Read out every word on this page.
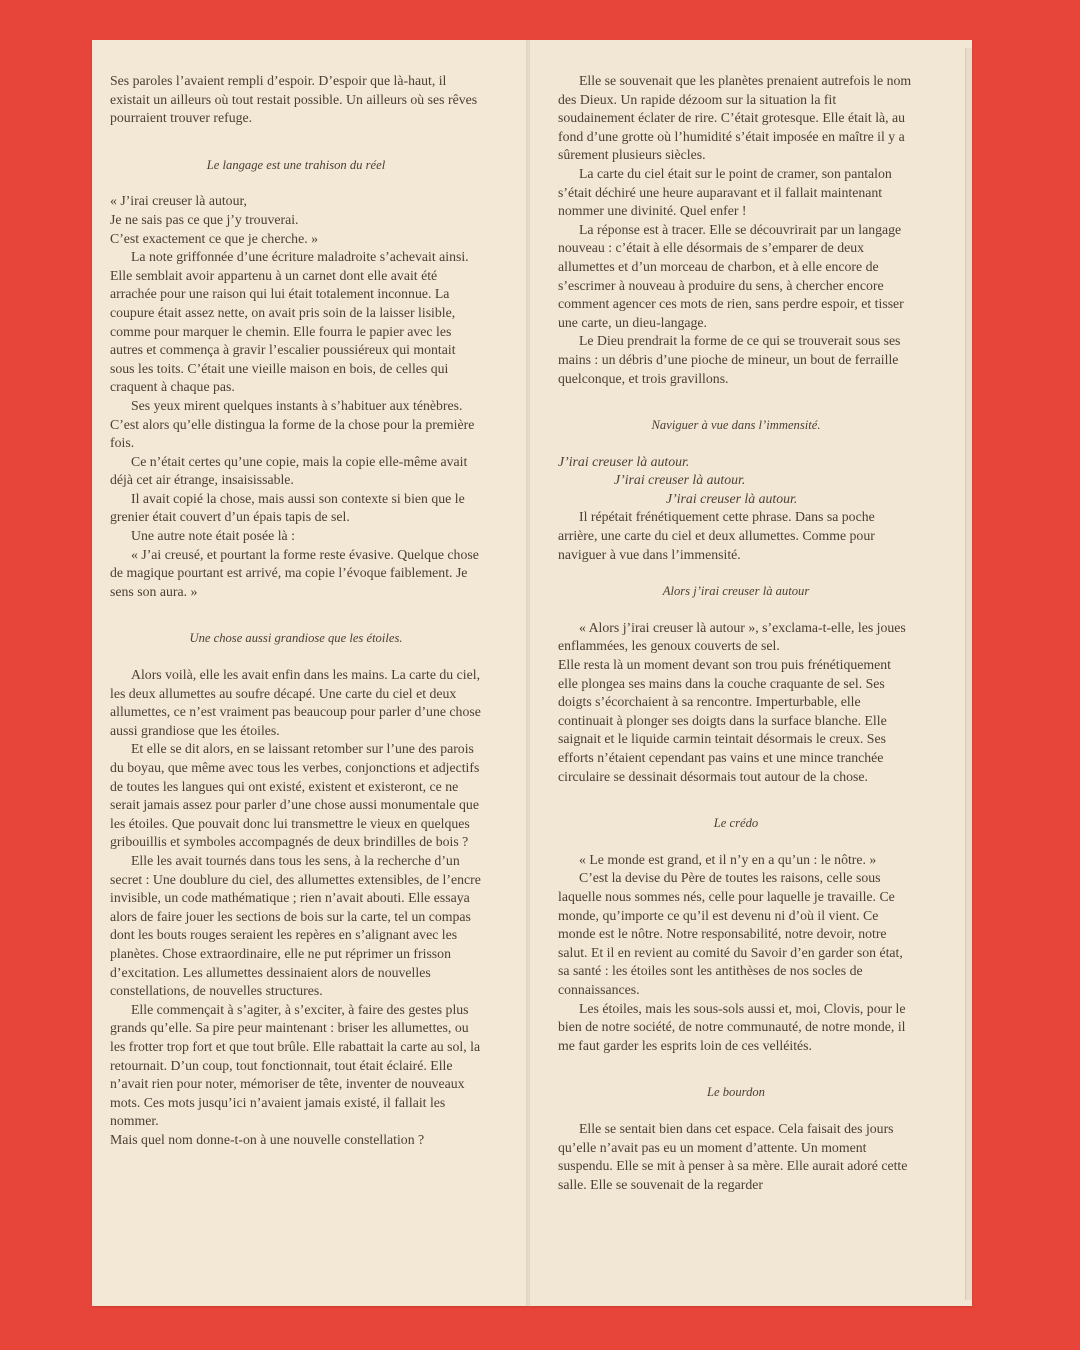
Ses paroles l’avaient rempli d’espoir. D’espoir que là-haut, il existait un ailleurs où tout restait possible. Un ailleurs où ses rêves pourraient trouver refuge.

Le langage est une trahison du réel

« J’irai creuser là autour,

Je ne sais pas ce que j’y trouverai.

C’est exactement ce que je cherche. »

La note griffonnée d’une écriture maladroite s’achevait ainsi. Elle semblait avoir appartenu à un carnet dont elle avait été arrachée pour une raison qui lui était totalement inconnue. La coupure était assez nette, on avait pris soin de la laisser lisible, comme pour marquer le chemin. Elle fourra le papier avec les autres et commença à gravir l’escalier poussiéreux qui montait sous les toits. C’était une vieille maison en bois, de celles qui craquent à chaque pas.

Ses yeux mirent quelques instants à s’habituer aux ténèbres. C’est alors qu’elle distingua la forme de la chose pour la première fois.

Ce n’était certes qu’une copie, mais la copie elle-même avait déjà cet air étrange, insaisissable.

Il avait copié la chose, mais aussi son contexte si bien que le grenier était couvert d’un épais tapis de sel.

Une autre note était posée là :

« J’ai creusé, et pourtant la forme reste évasive. Quelque chose de magique pourtant est arrivé, ma copie l’évoque faiblement. Je sens son aura. »

Une chose aussi grandiose que les étoiles.

Alors voilà, elle les avait enfin dans les mains. La carte du ciel, les deux allumettes au soufre décapé. Une carte du ciel et deux allumettes, ce n’est vraiment pas beaucoup pour parler d’une chose aussi grandiose que les étoiles.

Et elle se dit alors, en se laissant retomber sur l’une des parois du boyau, que même avec tous les verbes, conjonctions et adjectifs de toutes les langues qui ont existé, existent et existeront, ce ne serait jamais assez pour parler d’une chose aussi monumentale que les étoiles. Que pouvait donc lui transmettre le vieux en quelques gribouillis et symboles accompagnés de deux brindilles de bois ?

Elle les avait tournés dans tous les sens, à la recherche d’un secret : Une doublure du ciel, des allumettes extensibles, de l’encre invisible, un code mathématique ; rien n’avait abouti. Elle essaya alors de faire jouer les sections de bois sur la carte, tel un compas dont les bouts rouges seraient les repères en s’alignant avec les planètes. Chose extraordinaire, elle ne put réprimer un frisson d’excitation. Les allumettes dessinaient alors de nouvelles constellations, de nouvelles structures.

Elle commençait à s’agiter, à s’exciter, à faire des gestes plus grands qu’elle. Sa pire peur maintenant : briser les allumettes, ou les frotter trop fort et que tout brûle. Elle rabattait la carte au sol, la retournait. D’un coup, tout fonctionnait, tout était éclairé. Elle n’avait rien pour noter, mémoriser de tête, inventer de nouveaux mots. Ces mots jusqu’ici n’avaient jamais existé, il fallait les nommer.

Mais quel nom donne-t-on à une nouvelle constellation ?

Elle se souvenait que les planètes prenaient autrefois le nom des Dieux. Un rapide dézoom sur la situation la fit soudainement éclater de rire. C’était grotesque. Elle était là, au fond d’une grotte où l’humidité s’était imposée en maître il y a sûrement plusieurs siècles.

La carte du ciel était sur le point de cramer, son pantalon s’était déchiré une heure auparavant et il fallait maintenant nommer une divinité. Quel enfer !

La réponse est à tracer. Elle se découvrirait par un langage nouveau : c’était à elle désormais de s’emparer de deux allumettes et d’un morceau de charbon, et à elle encore de s’escrimer à nouveau à produire du sens, à chercher encore comment agencer ces mots de rien, sans perdre espoir, et tisser une carte, un dieu-langage.

Le Dieu prendrait la forme de ce qui se trouverait sous ses mains : un débris d’une pioche de mineur, un bout de ferraille quelconque, et trois gravillons.

Naviguer à vue dans l’immensité.

J’irai creuser là autour.

J’irai creuser là autour.

J’irai creuser là autour.

Il répétait frénétiquement cette phrase. Dans sa poche arrière, une carte du ciel et deux allumettes. Comme pour naviguer à vue dans l’immensité.

Alors j’irai creuser là autour

« Alors j’irai creuser là autour », s’exclama-t-elle, les joues enflammées, les genoux couverts de sel.

Elle resta là un moment devant son trou puis frénétiquement elle plongea ses mains dans la couche craquante de sel. Ses doigts s’écorchaient à sa rencontre. Imperturbable, elle continuait à plonger ses doigts dans la surface blanche. Elle saignait et le liquide carmin teintait désormais le creux. Ses efforts n’étaient cependant pas vains et une mince tranchée circulaire se dessinait désormais tout autour de la chose.

Le crédo

« Le monde est grand, et il n’y en a qu’un : le nôtre. »

C’est la devise du Père de toutes les raisons, celle sous laquelle nous sommes nés, celle pour laquelle je travaille. Ce monde, qu’importe ce qu’il est devenu ni d’où il vient. Ce monde est le nôtre. Notre responsabilité, notre devoir, notre salut. Et il en revient au comité du Savoir d’en garder son état, sa santé : les étoiles sont les antithèses de nos socles de connaissances.

Les étoiles, mais les sous-sols aussi et, moi, Clovis, pour le bien de notre société, de notre communauté, de notre monde, il me faut garder les esprits loin de ces velléités.

Le bourdon

Elle se sentait bien dans cet espace. Cela faisait des jours qu’elle n’avait pas eu un moment d’attente. Un moment suspendu. Elle se mit à penser à sa mère. Elle aurait adoré cette salle. Elle se souvenait de la regarder
